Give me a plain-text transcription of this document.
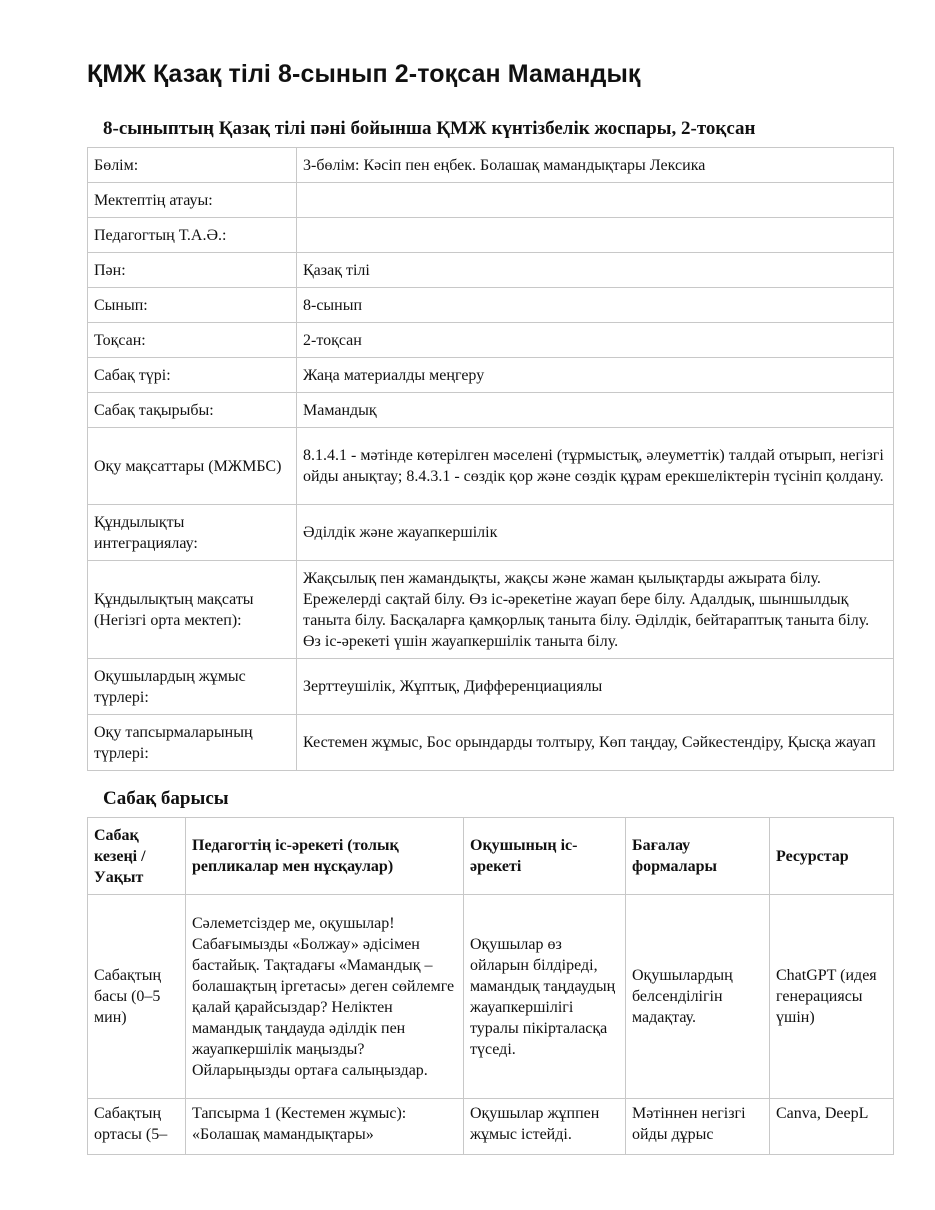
ҚМЖ Қазақ тілі 8-сынып 2-тоқсан Мамандық
8-сыныптың Қазақ тілі пәні бойынша ҚМЖ күнтізбелік жоспары, 2-тоқсан
Бөлім:	3-бөлім: Кәсіп пен еңбек. Болашақ мамандықтары Лексика
Мектептің атауы:	
Педагогтың Т.А.Ә.:	
Пән:	Қазақ тілі
Сынып:	8-сынып
Тоқсан:	2-тоқсан
Сабақ түрі:	Жаңа материалды меңгеру
Сабақ тақырыбы:	Мамандық
Оқу мақсаттары (МЖМБС)	8.1.4.1 - мәтінде көтерілген мәселені (тұрмыстық, әлеуметтік) талдай отырып, негізгі ойды анықтау; 8.4.3.1 - сөздік қор және сөздік құрам ерекшеліктерін түсініп қолдану.
Құндылықты интеграциялау:	Әділдік және жауапкершілік
Құндылықтың мақсаты (Негізгі орта мектеп):	Жақсылық пен жамандықты, жақсы және жаман қылықтарды ажырата білу. Ережелерді сақтай білу. Өз іс-әрекетіне жауап бере білу. Адалдық, шыншылдық таныта білу. Басқаларға қамқорлық таныта білу. Әділдік, бейтараптық таныта білу. Өз іс-әрекеті үшін жауапкершілік таныта білу.
Оқушылардың жұмыс түрлері:	Зерттеушілік, Жұптық, Дифференциациялы
Оқу тапсырмаларының түрлері:	Кестемен жұмыс, Бос орындарды толтыру, Көп таңдау, Сәйкестендіру, Қысқа жауап
Сабақ барысы
Сабақ кезеңі / Уақыт	Педагогтің іс-әрекеті (толық репликалар мен нұсқаулар)	Оқушының іс-әрекеті	Бағалау формалары	Ресурстар
Сабақтың басы (0–5 мин)	Сәлеметсіздер ме, оқушылар! Сабағымызды «Болжау» әдісімен бастайық. Тақтадағы «Мамандық – болашақтың іргетасы» деген сөйлемге қалай қарайсыздар? Неліктен мамандық таңдауда әділдік пен жауапкершілік маңызды? Ойларыңызды ортаға салыңыздар.	Оқушылар өз ойларын білдіреді, мамандық таңдаудың жауапкершілігі туралы пікірталасқа түседі.	Оқушылардың белсенділігін мадақтау.	ChatGPT (идея генерациясы үшін)
Сабақтың ортасы (5–	Тапсырма 1 (Кестемен жұмыс): «Болашақ мамандықтары»	Оқушылар жұппен жұмыс істейді.	Мәтіннен негізгі ойды дұрыс	Canva, DeepL
